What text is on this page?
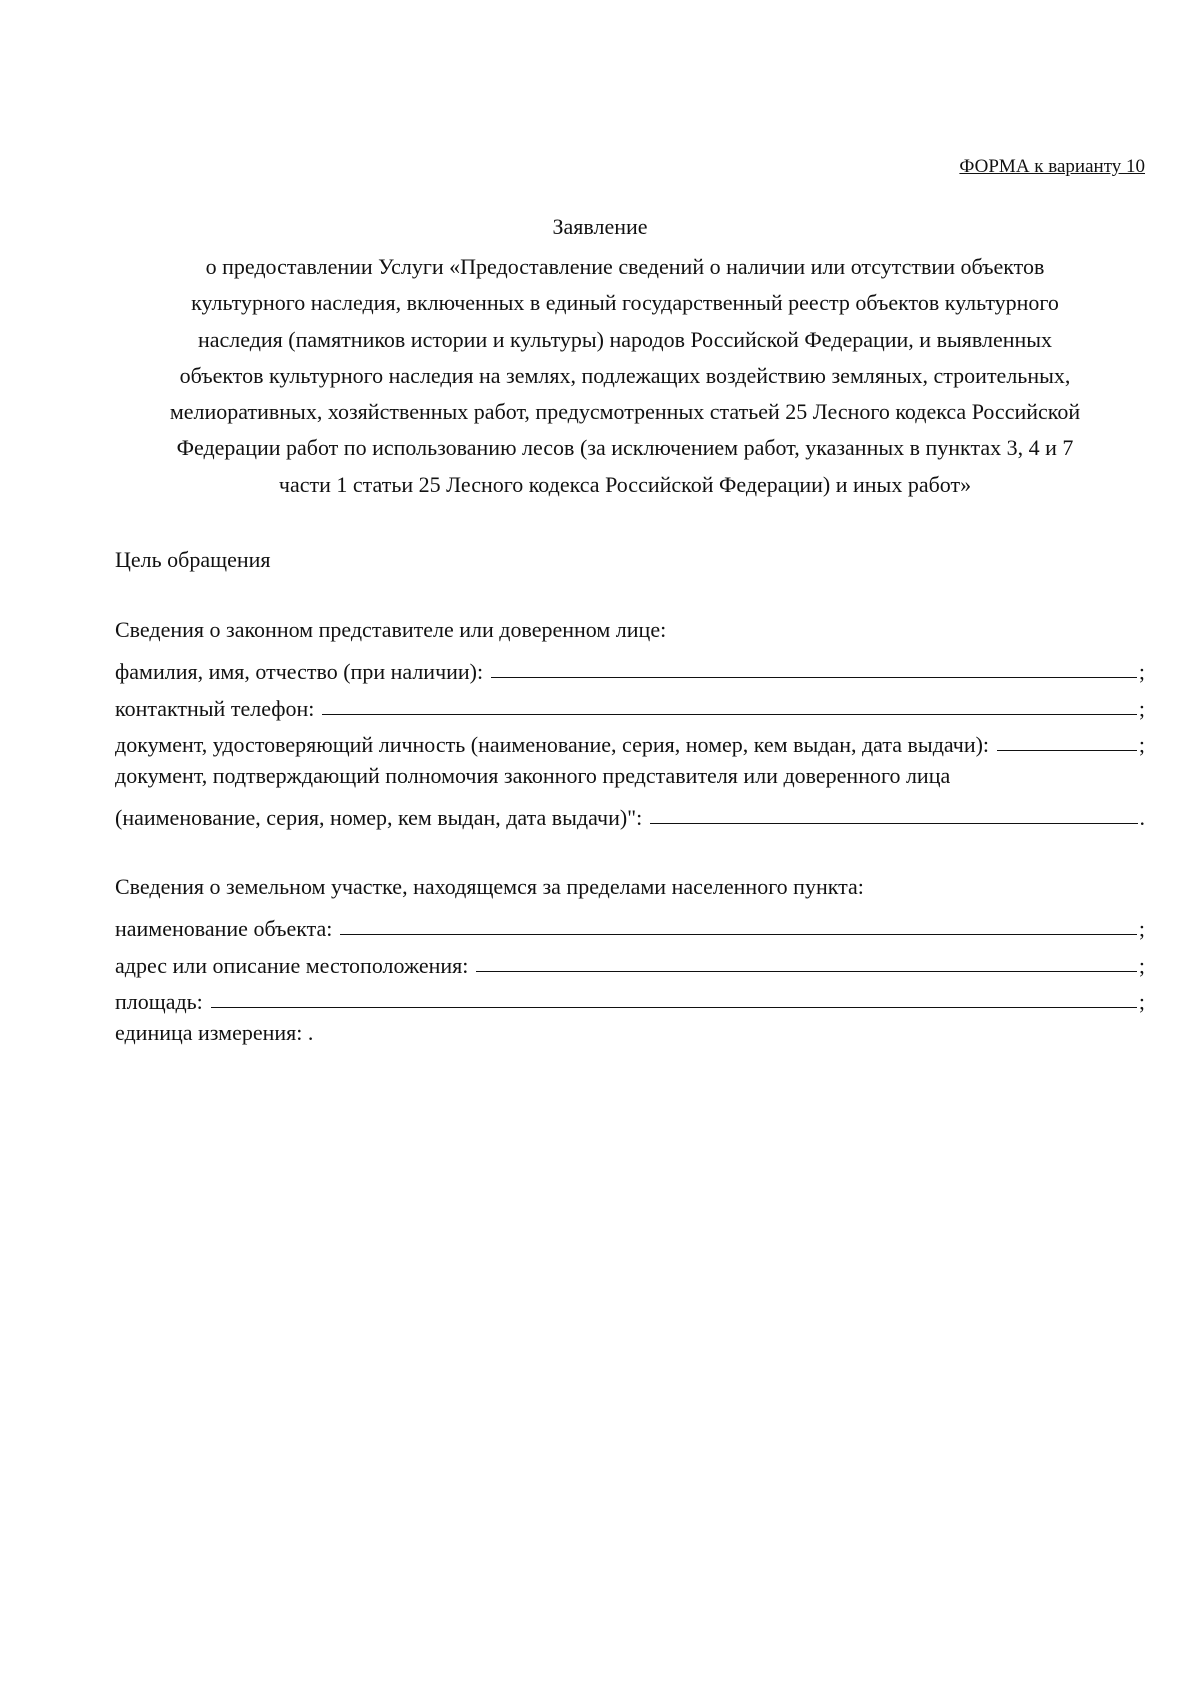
ФОРМА к варианту 10
Заявление
о предоставлении Услуги «Предоставление сведений о наличии или отсутствии объектов
культурного наследия, включенных в единый государственный реестр объектов культурного
наследия (памятников истории и культуры) народов Российской Федерации, и выявленных
объектов культурного наследия на землях, подлежащих воздействию земляных, строительных,
мелиоративных, хозяйственных работ, предусмотренных статьей 25 Лесного кодекса Российской
Федерации работ по использованию лесов (за исключением работ, указанных в пунктах 3, 4 и 7
части 1 статьи 25 Лесного кодекса Российской Федерации) и иных работ»
Цель обращения
Сведения о законном представителе или доверенном лице:
фамилия, имя, отчество (при наличии):	;
контактный телефон:	;
документ, удостоверяющий личность (наименование, серия, номер, кем выдан, дата выдачи):	;
документ, подтверждающий полномочия законного представителя или доверенного лица
(наименование, серия, номер, кем выдан, дата выдачи)":	.
Сведения о земельном участке, находящемся за пределами населенного пункта:
наименование объекта:	;
адрес или описание местоположения:	;
площадь:	;
единица измерения: .
